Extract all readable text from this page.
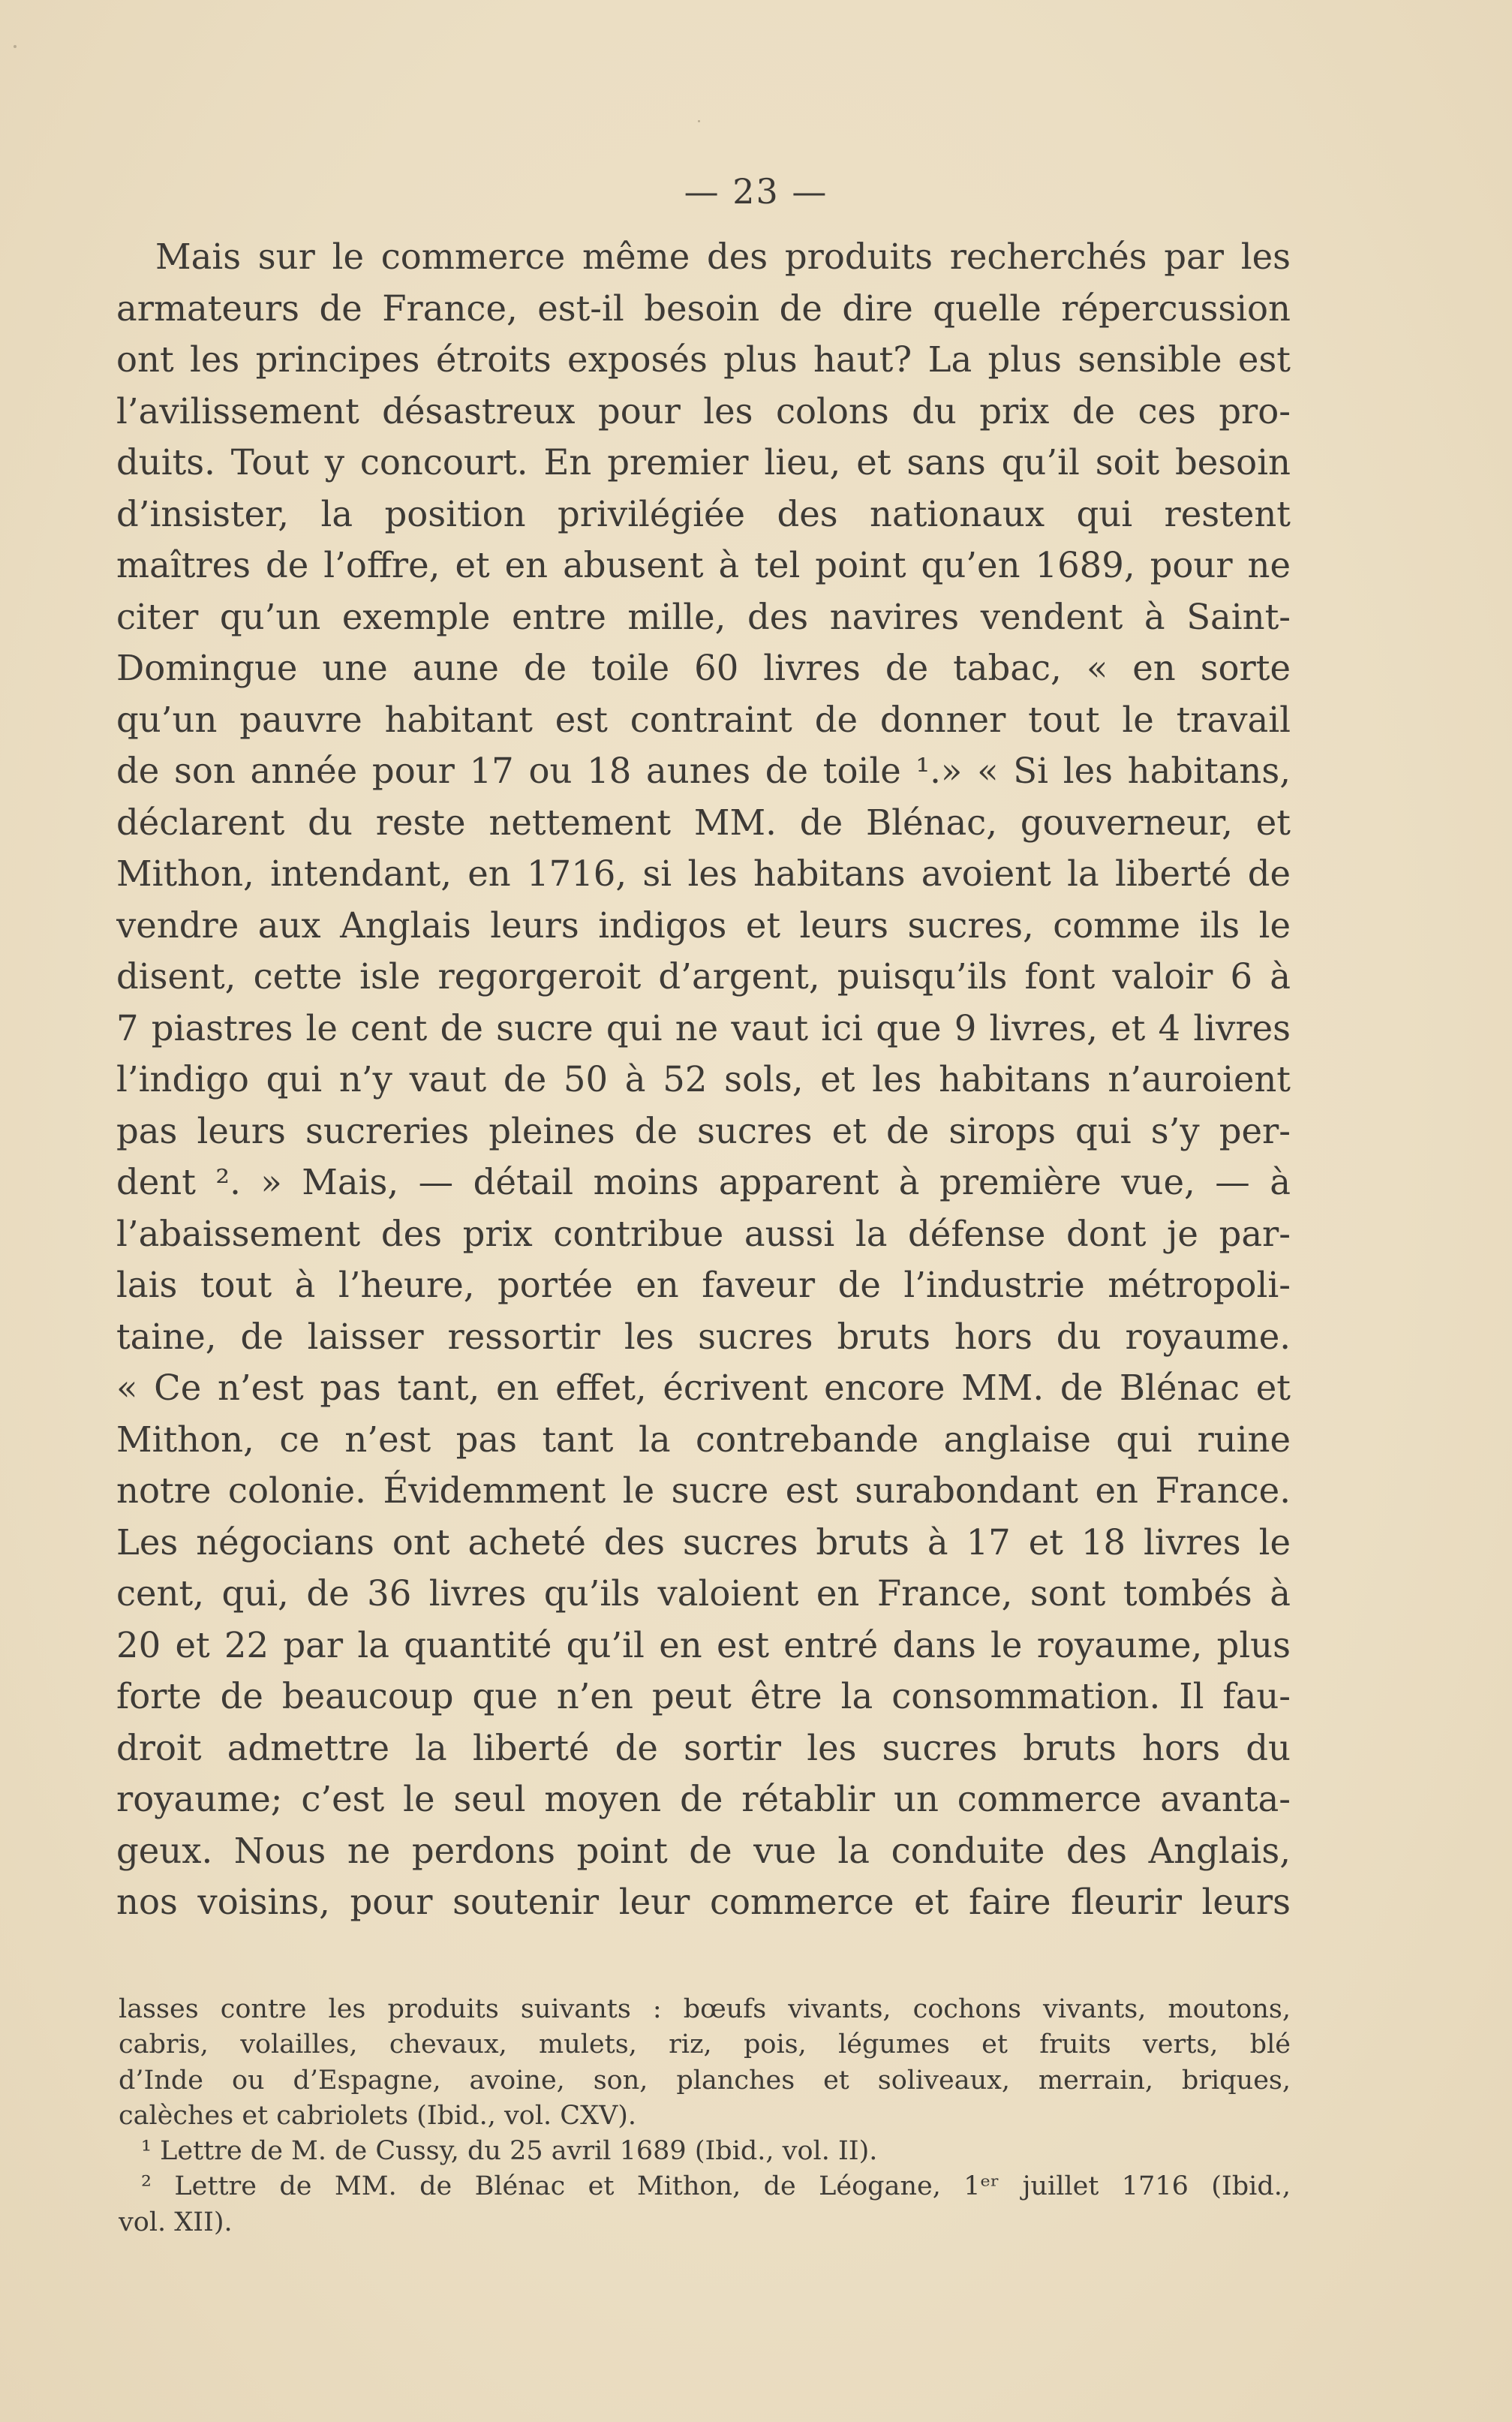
— 23 —
Mais sur le commerce même des produits recherchés par les
armateurs de France, est-il besoin de dire quelle répercussion
ont les principes étroits exposés plus haut? La plus sensible est
l’avilissement désastreux pour les colons du prix de ces pro-
duits. Tout y concourt. En premier lieu, et sans qu’il soit besoin
d’insister, la position privilégiée des nationaux qui restent
maîtres de l’offre, et en abusent à tel point qu’en 1689, pour ne
citer qu’un exemple entre mille, des navires vendent à Saint-
Domingue une aune de toile 60 livres de tabac, « en sorte
qu’un pauvre habitant est contraint de donner tout le travail
de son année pour 17 ou 18 aunes de toile ¹.» « Si les habitans,
déclarent du reste nettement MM. de Blénac, gouverneur, et
Mithon, intendant, en 1716, si les habitans avoient la liberté de
vendre aux Anglais leurs indigos et leurs sucres, comme ils le
disent, cette isle regorgeroit d’argent, puisqu’ils font valoir 6 à
7 piastres le cent de sucre qui ne vaut ici que 9 livres, et 4 livres
l’indigo qui n’y vaut de 50 à 52 sols, et les habitans n’auroient
pas leurs sucreries pleines de sucres et de sirops qui s’y per-
dent ². » Mais, — détail moins apparent à première vue, — à
l’abaissement des prix contribue aussi la défense dont je par-
lais tout à l’heure, portée en faveur de l’industrie métropoli-
taine, de laisser ressortir les sucres bruts hors du royaume.
« Ce n’est pas tant, en effet, écrivent encore MM. de Blénac et
Mithon, ce n’est pas tant la contrebande anglaise qui ruine
notre colonie. Évidemment le sucre est surabondant en France.
Les négocians ont acheté des sucres bruts à 17 et 18 livres le
cent, qui, de 36 livres qu’ils valoient en France, sont tombés à
20 et 22 par la quantité qu’il en est entré dans le royaume, plus
forte de beaucoup que n’en peut être la consommation. Il fau-
droit admettre la liberté de sortir les sucres bruts hors du
royaume; c’est le seul moyen de rétablir un commerce avanta-
geux. Nous ne perdons point de vue la conduite des Anglais,
nos voisins, pour soutenir leur commerce et faire fleurir leurs
lasses contre les produits suivants : bœufs vivants, cochons vivants, moutons,
cabris, volailles, chevaux, mulets, riz, pois, légumes et fruits verts, blé
d’Inde ou d’Espagne, avoine, son, planches et soliveaux, merrain, briques,
calèches et cabriolets (Ibid., vol. CXV).
¹ Lettre de M. de Cussy, du 25 avril 1689 (Ibid., vol. II).
² Lettre de MM. de Blénac et Mithon, de Léogane, 1ᵉʳ juillet 1716 (Ibid.,
vol. XII).
